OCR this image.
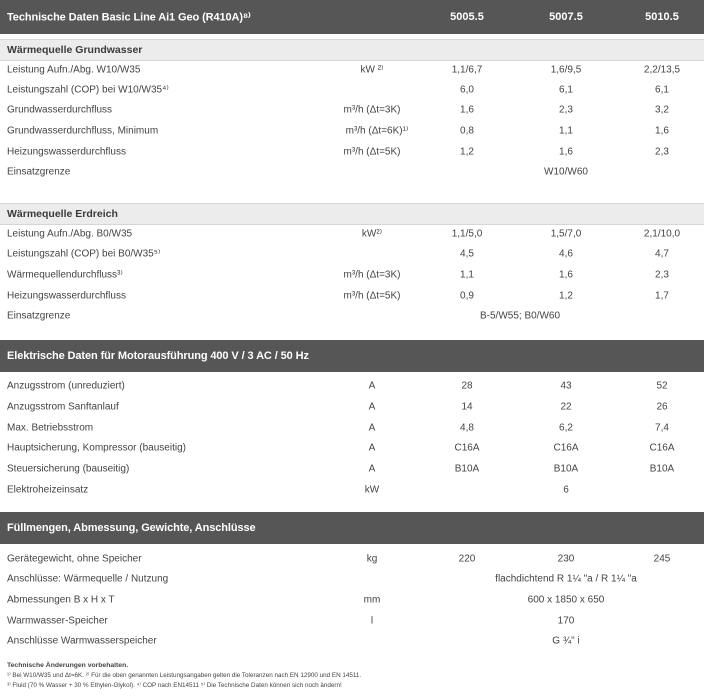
Technische Daten Basic Line Ai1 Geo (R410A)⁸⁾	5005.5	5007.5	5010.5
Wärmequelle Grundwasser
Leistung Aufn./Abg. W10/W35	kW ²⁾	1,1/6,7	1,6/9,5	2,2/13,5
Leistungszahl (COP) bei W10/W35⁴⁾	6,0	6,1	6,1
Grundwasserdurchfluss	m³/h (Δt=3K)	1,6	2,3	3,2
Grundwasserdurchfluss, Minimum	m³/h (Δt=6K)¹⁾	0,8	1,1	1,6
Heizungswasserdurchfluss	m³/h (Δt=5K)	1,2	1,6	2,3
Einsatzgrenze	W10/W60
Wärmequelle Erdreich
Leistung Aufn./Abg. B0/W35	kW²⁾	1,1/5,0	1,5/7,0	2,1/10,0
Leistungszahl (COP) bei B0/W35⁵⁾	4,5	4,6	4,7
Wärmequellendurchfluss³⁾	m³/h (Δt=3K)	1,1	1,6	2,3
Heizungswasserdurchfluss	m³/h (Δt=5K)	0,9	1,2	1,7
Einsatzgrenze	B-5/W55; B0/W60
Elektrische Daten für Motorausführung 400 V / 3 AC / 50 Hz
Anzugsstrom (unreduziert)	A	28	43	52
Anzugsstrom Sanftanlauf	A	14	22	26
Max. Betriebsstrom	A	4,8	6,2	7,4
Hauptsicherung, Kompressor (bauseitig)	A	C16A	C16A	C16A
Steuersicherung (bauseitig)	A	B10A	B10A	B10A
Elektroheizeinsatz	kW	6
Füllmengen, Abmessung, Gewichte, Anschlüsse
Gerätegewicht, ohne Speicher	kg	220	230	245
Anschlüsse: Wärmequelle / Nutzung	flachdichtend R 1¼ "a / R 1¼ "a
Abmessungen B x H x T	mm	600 x 1850 x 650
Warmwasser-Speicher	l	170
Anschlüsse Warmwasserspeicher	G ¾" i
Technische Änderungen vorbehalten.
¹⁾ Bei W10/W35 und Δt=6K. ²⁾ Für die oben genannten Leistungsangaben gelten die Toleranzen nach EN 12900 und EN 14511.
³⁾ Fluid (70 % Wasser + 30 % Ethylen-Glykol). ⁴⁾ COP nach EN14511 ⁵⁾ Die Technische Daten können sich noch ändern!
